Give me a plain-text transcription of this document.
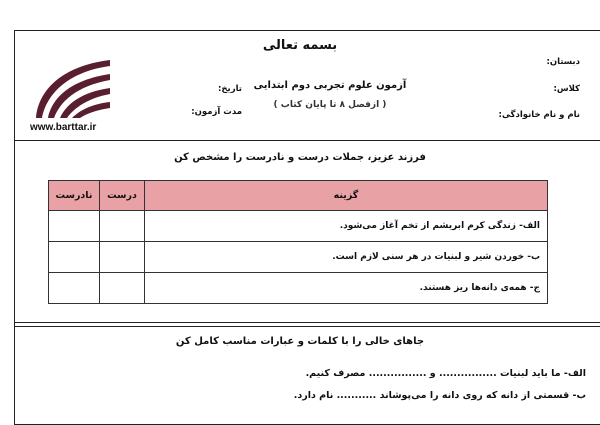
www.barttar.ir
بسمه تعالی
دبستان:
کلاس:
نام و نام خانوادگی:
آزمون علوم تجربی دوم ابتدایی
( ازفصل ۸ تا پایان کتاب )
تاریخ:
مدت آزمون:
فرزند عزیز، جملات درست و نادرست را مشخص کن
گزینه	درست	نادرست
الف- زندگی کرم ابریشم از تخم آغاز می‌شود.		
ب- خوردن شیر و لبنیات در هر سنی لازم است.		
ج- همه‌ی دانه‌ها ریز هستند.		
جاهای خالی را با کلمات و عبارات مناسب کامل کن
الف- ما باید لبنیات ................ و ................ مصرف کنیم.
ب- قسمتی از دانه که روی دانه را می‌پوشاند ........... نام دارد.
